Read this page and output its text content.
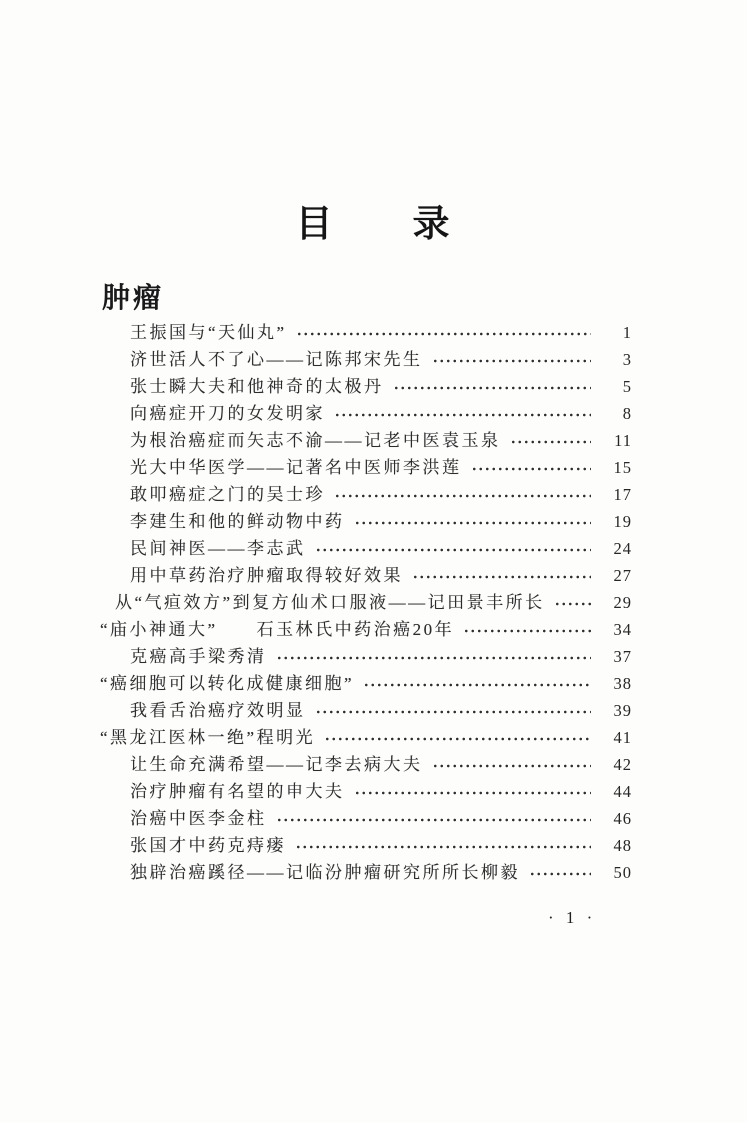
目　　录
肿瘤
王振国与“天仙丸”	1
济世活人不了心——记陈邦宋先生	3
张士瞬大夫和他神奇的太极丹	5
向癌症开刀的女发明家	8
为根治癌症而矢志不渝——记老中医袁玉泉	11
光大中华医学——记著名中医师李洪莲	15
敢叩癌症之门的吴士珍	17
李建生和他的鲜动物中药	19
民间神医——李志武	24
用中草药治疗肿瘤取得较好效果	27
从“气疸效方”到复方仙术口服液——记田景丰所长	29
“庙小神通大”　　石玉林氏中药治癌20年	34
克癌高手梁秀清	37
“癌细胞可以转化成健康细胞”	38
我看舌治癌疗效明显	39
“黑龙江医林一绝”程明光	41
让生命充满希望——记李去病大夫	42
治疗肿瘤有名望的申大夫	44
治癌中医李金柱	46
张国才中药克痔瘘	48
独辟治癌蹊径——记临汾肿瘤研究所所长柳毅	50
· 1 ·
